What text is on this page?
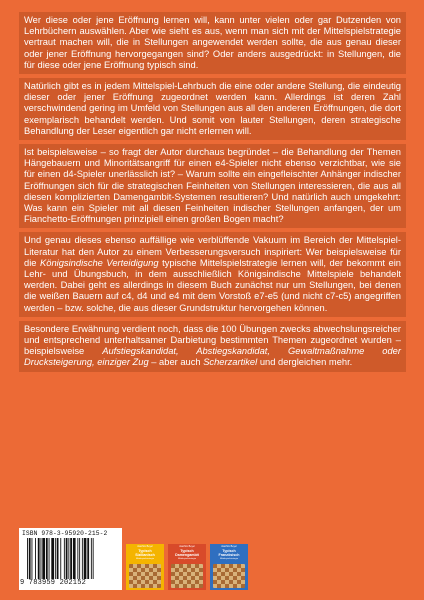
Wer diese oder jene Eröffnung lernen will, kann unter vielen oder gar Dutzenden von Lehrbüchern auswählen. Aber wie sieht es aus, wenn man sich mit der Mittelspielstrategie vertraut machen will, die in Stellungen angewendet werden sollte, die aus genau dieser oder jener Eröffnung hervorgegangen sind? Oder anders ausgedrückt: in Stellungen, die für diese oder jene Eröffnung typisch sind.

Natürlich gibt es in jedem Mittelspiel-Lehrbuch die eine oder andere Stellung, die eindeutig dieser oder jener Eröffnung zugeordnet werden kann. Allerdings ist deren Zahl verschwindend gering im Umfeld von Stellungen aus all den anderen Eröffnungen, die dort exemplarisch behandelt werden. Und somit von lauter Stellungen, deren strategische Behandlung der Leser eigentlich gar nicht erlernen will.

Ist beispielsweise – so fragt der Autor durchaus begründet – die Behandlung der Themen Hängebauern und Minoritätsangriff für einen e4-Spieler nicht ebenso verzichtbar, wie sie für einen d4-Spieler unerlässlich ist? – Warum sollte ein eingefleischter Anhänger indischer Eröffnungen sich für die strategischen Feinheiten von Stellungen interessieren, die aus all diesen komplizierten Damengambit-Systemen resultieren? Und natürlich auch umgekehrt: Was kann ein Spieler mit all diesen Feinheiten indischer Stellungen anfangen, der um Fianchetto-Eröffnungen prinzipiell einen großen Bogen macht?

Und genau dieses ebenso auffällige wie verblüffende Vakuum im Bereich der Mittelspiel-Literatur hat den Autor zu einem Verbesserungsversuch inspiriert: Wer beispielsweise für die Königsindische Verteidigung typische Mittelspielstrategie lernen will, der bekommt ein Lehr- und Übungsbuch, in dem ausschließlich Königsindische Mittelspiele behandelt werden. Dabei geht es allerdings in diesem Buch zunächst nur um Stellungen, bei denen die weißen Bauern auf c4, d4 und e4 mit dem Vorstoß e7-e5 (und nicht c7-c5) angegriffen werden – bzw. solche, die aus dieser Grundstruktur hervorgehen können.

Besondere Erwähnung verdient noch, dass die 100 Übungen zwecks abwechslungsreicher und entsprechend unterhaltsamer Darbietung bestimmten Themen zugeordnet wurden – beispielsweise Aufstiegskandidat, Abstiegskandidat, Gewaltmaßnahme oder Drucksteigerung, einziger Zug – aber auch Scherzartikel und dergleichen mehr.

ISBN 978-3-95920-215-2
9 783959 202152
Joachim Beyer
Typisch
Sizilianisch
Mittelspielstrategie
Joachim Beyer
Typisch
Damengambit
Mittelspielstrategie
Joachim Beyer
Typisch
Französisch
Mittelspielstrategie
